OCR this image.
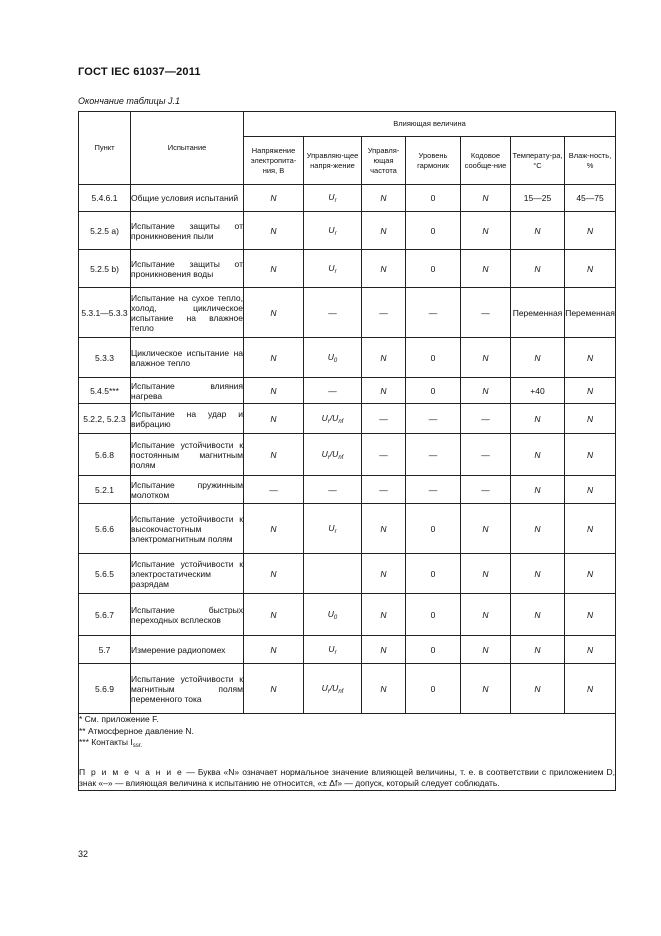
ГОСТ IEC 61037—2011
Окончание таблицы J.1
Пункт	Испытание	Влияющая величина						
		Напряжение электропита-ния, В	Управляю-щее напря-жение	Управля-ющая частота	Уровень гармоник	Кодовое сообще-ние	Температу-ра, °С	Влаж-ность, %
5.4.6.1	Общие условия испытаний	N	$U_r$	N	0	N	15—25	45—75
5.2.5 a)	Испытание защиты от проникновения пыли	N	$U_r$	N	0	N	N	N
5.2.5 b)	Испытание защиты от проникновения воды	N	$U_r$	N	0	N	N	N
5.3.1—5.3.3	Испытание на сухое тепло, холод, циклическое испытание на влажное тепло	N	—	—	—	—	Переменная	Переменная
5.3.3	Циклическое испытание на влажное тепло	N	$U_0$	N	0	N	N	N
5.4.5***	Испытание влияния нагрева	N	—	N	0	N	+40	N
5.2.2, 5.2.3	Испытание на удар и вибрацию	N	$U_r/U_{nf}$	—	—	—	N	N
5.6.8	Испытание устойчивости к постоянным магнитным полям	N	$U_r/U_{nf}$	—	—	—	N	N
5.2.1	Испытание пружинным молотком	—	—	—	—	—	N	N
5.6.6	Испытание устойчивости к высокочастотным электромагнитным полям	N	$U_r$	N	0	N	N	N
5.6.5	Испытание устойчивости к электростатическим разрядам	N		N	0	N	N	N
5.6.7	Испытание быстрых переходных всплесков	N	$U_0$	N	0	N	N	N
5.7	Измерение радиопомех	N	$U_r$	N	0	N	N	N
5.6.9	Испытание устойчивости к магнитным полям переменного тока	N	$U_r/U_{nf}$	N	0	N	N	N

* См. приложение F.
** Атмосферное давление N.
*** Контакты $I_{ssr.}$
П р и м е ч а н и е — Буква «N» означает нормальное значение влияющей величины, т. е. в соответствии с приложением D, знак «–» — влияющая величина к испытанию не относится, «± Δf» — допуск, который следует соблюдать.								
32
